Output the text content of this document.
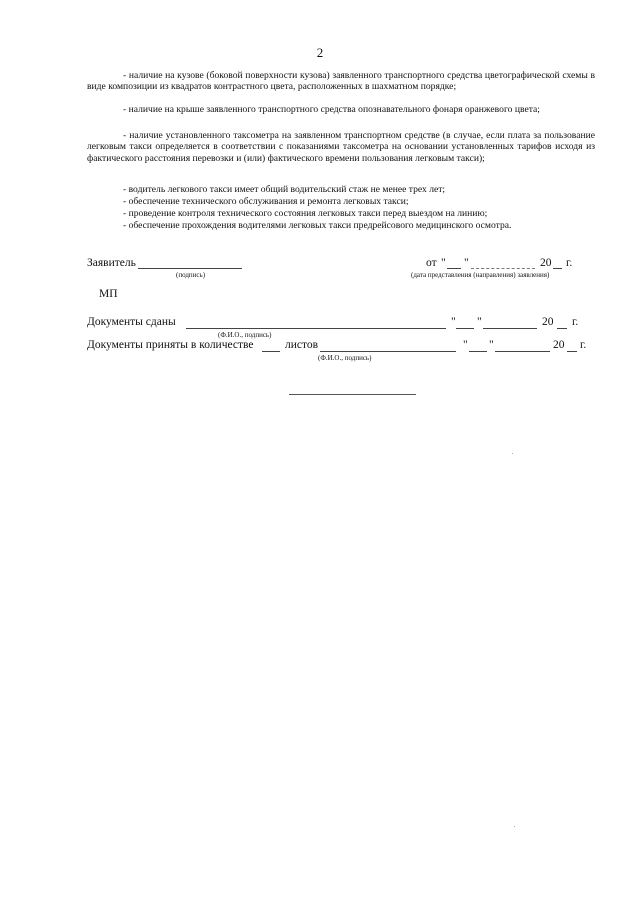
2
- наличие на кузове (боковой поверхности кузова) заявленного транспортного средства цветографической схемы в виде композиции из квадратов контрастного цвета, расположенных в шахматном порядке;
- наличие на крыше заявленного транспортного средства опознавательного фонаря оранжевого цвета;
- наличие установленного таксометра на заявленном транспортном средстве (в случае, если плата за пользование легковым такси определяется в соответствии с показаниями таксометра на основании установленных тарифов исходя из фактического расстояния перевозки и (или) фактического времени пользования легковым такси);
- водитель легкового такси имеет общий водительский стаж не менее трех лет;
- обеспечение технического обслуживания и ремонта легковых такси;
- проведение контроля технического состояния легковых такси перед выездом на линию;
- обеспечение прохождения водителями легковых такси предрейсового медицинского осмотра.
Заявитель
(подпись)
от " "	20 г.
(дата представления (направления) заявления)
МП
Документы сданы
(Ф.И.О., подпись)
" "	20 г.
Документы приняты в количестве	листов
(Ф.И.О., подпись)
" "	20 г.
